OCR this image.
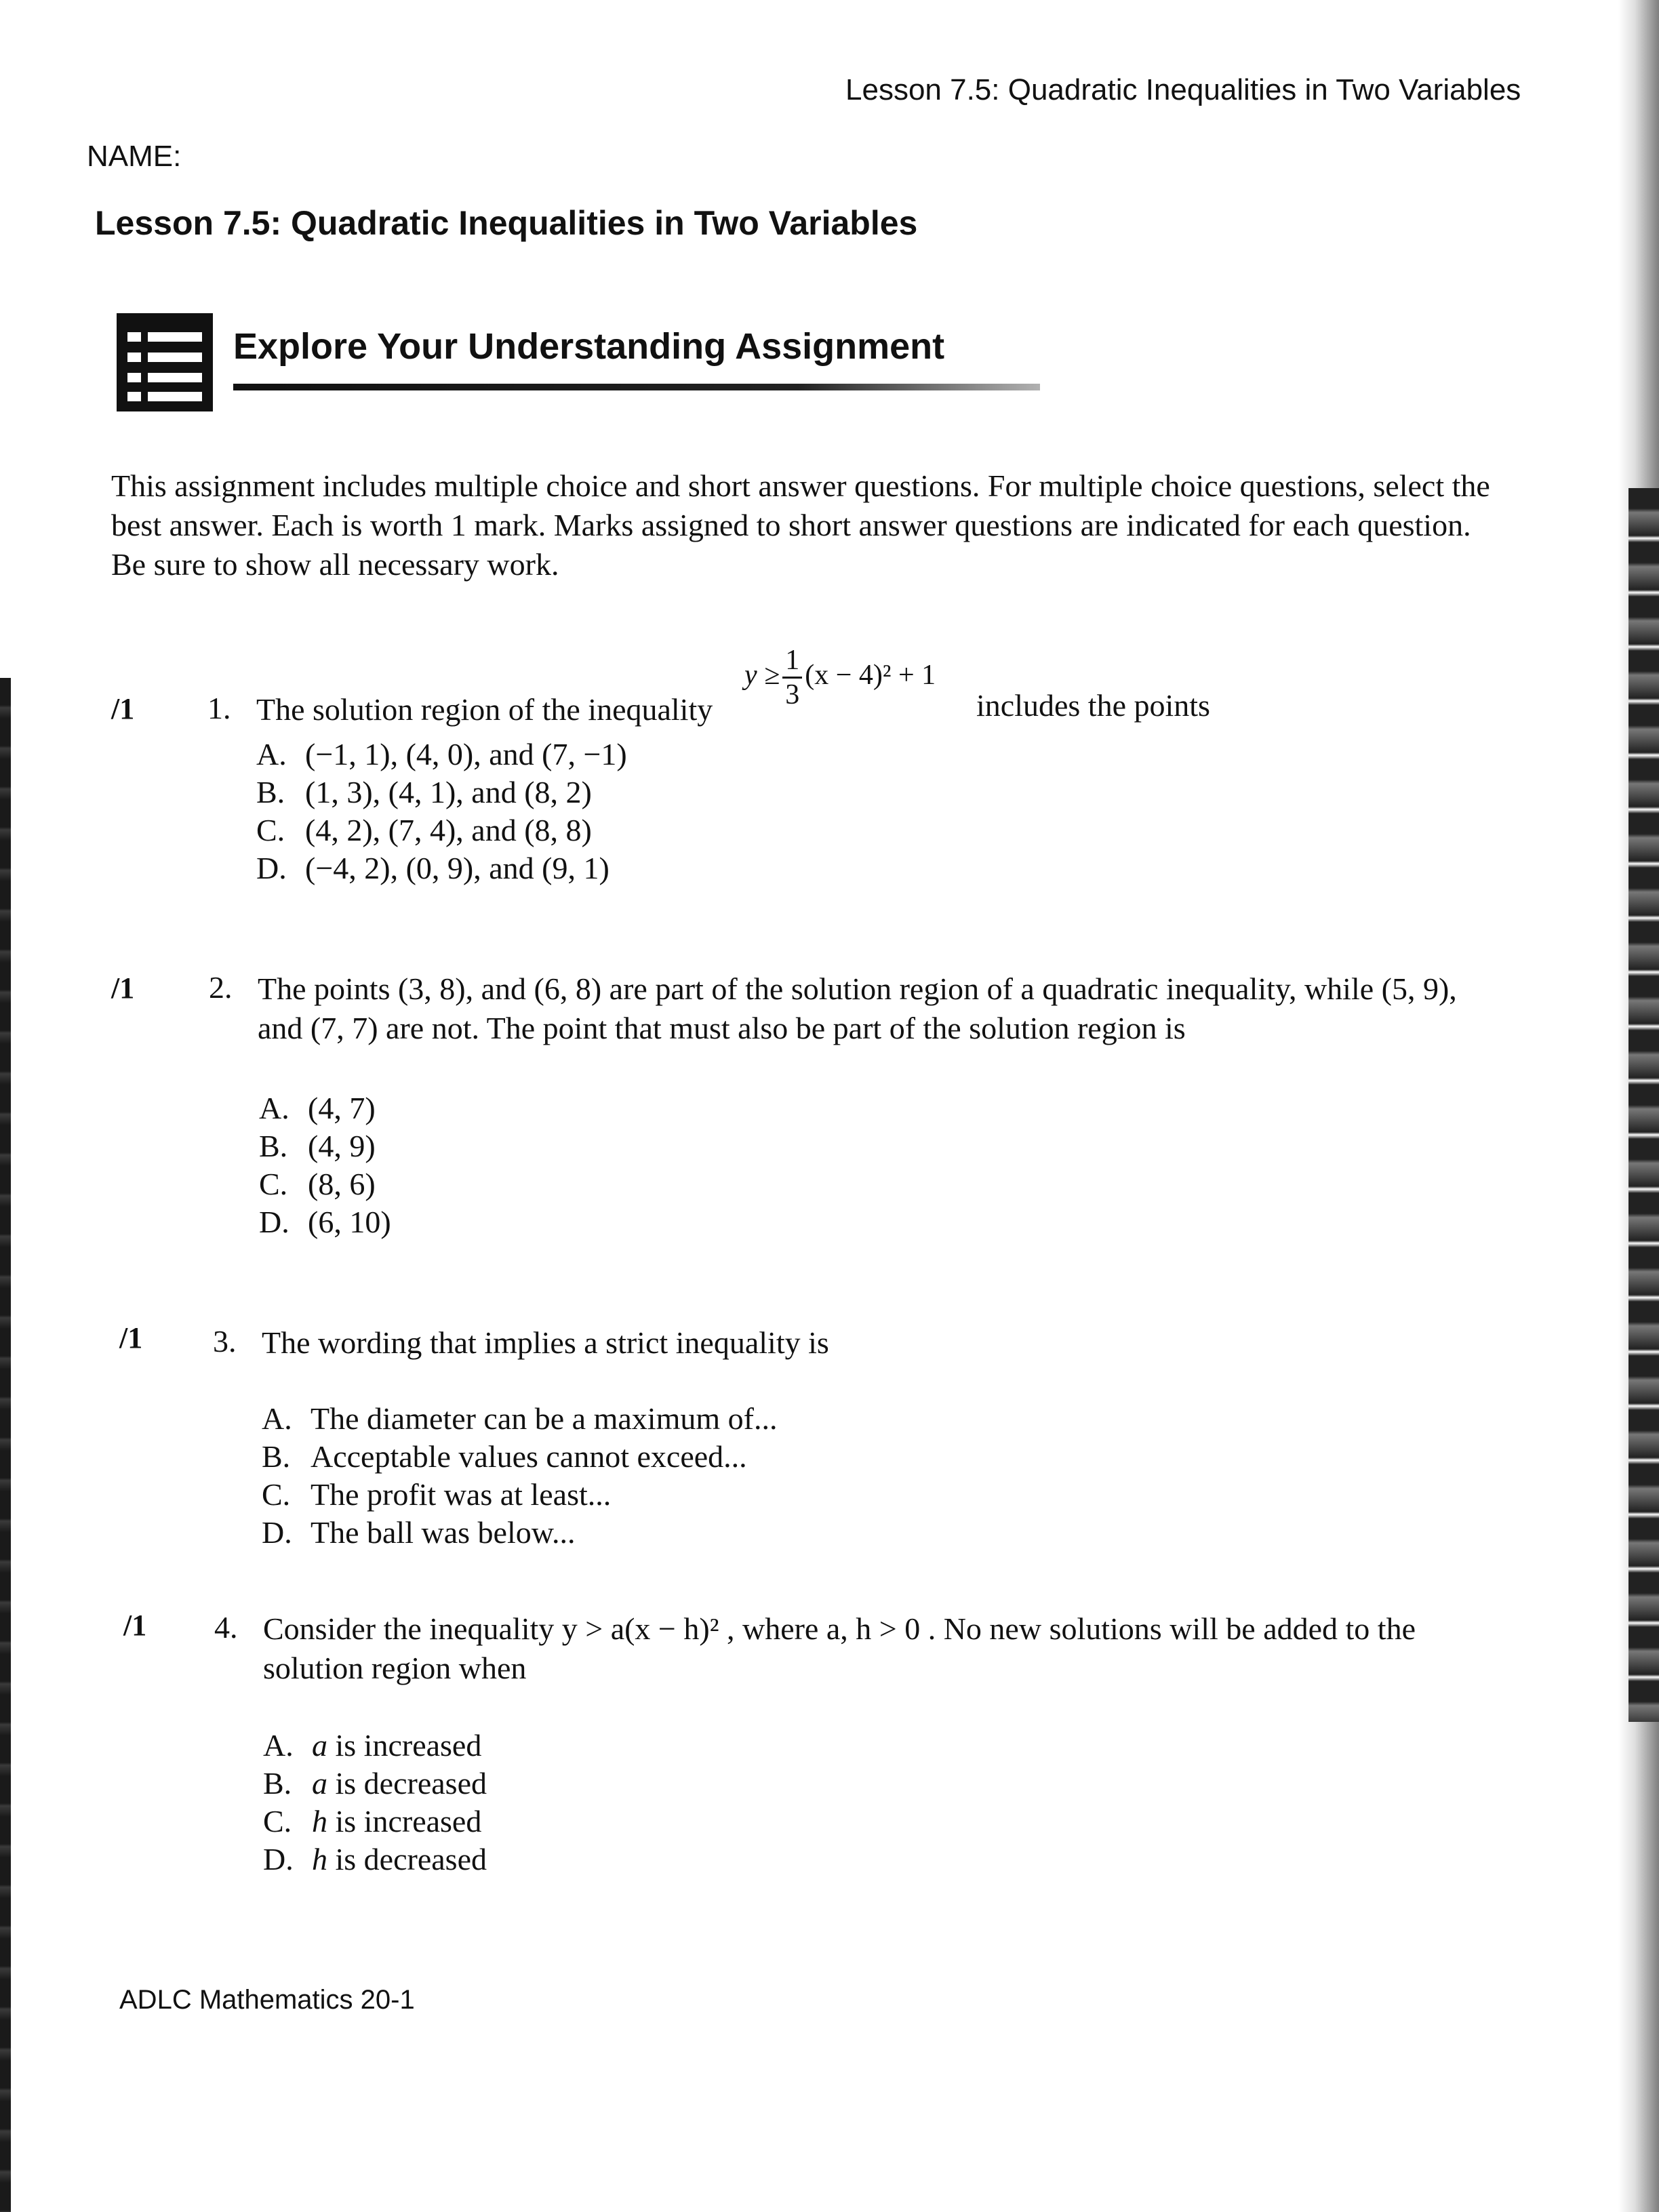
Lesson 7.5: Quadratic Inequalities in Two Variables
NAME:
Lesson 7.5: Quadratic Inequalities in Two Variables
Explore Your Understanding Assignment
This assignment includes multiple choice and short answer questions. For multiple choice questions, select the best answer. Each is worth 1 mark. Marks assigned to short answer questions are indicated for each question. Be sure to show all necessary work.
/1 1. The solution region of the inequality
$y \ge \frac{1}{3} (x - 4)^2 + 1$
includes the points
A. (−1, 1), (4, 0), and (7, −1)
B. (1, 3), (4, 1), and (8, 2)
C. (4, 2), (7, 4), and (8, 8)
D. (−4, 2), (0, 9), and (9, 1)
/1 2. The points (3, 8), and (6, 8) are part of the solution region of a quadratic inequality, while (5, 9), and (7, 7) are not. The point that must also be part of the solution region is
A. (4, 7)
B. (4, 9)
C. (8, 6)
D. (6, 10)
/1 3. The wording that implies a strict inequality is
A. The diameter can be a maximum of...
B. Acceptable values cannot exceed...
C. The profit was at least...
D. The ball was below...
/1 4. Consider the inequality y > a(x − h)² , where a, h > 0 . No new solutions will be added to the solution region when
A. a is increased
B. a is decreased
C. h is increased
D. h is decreased
ADLC Mathematics 20-1
